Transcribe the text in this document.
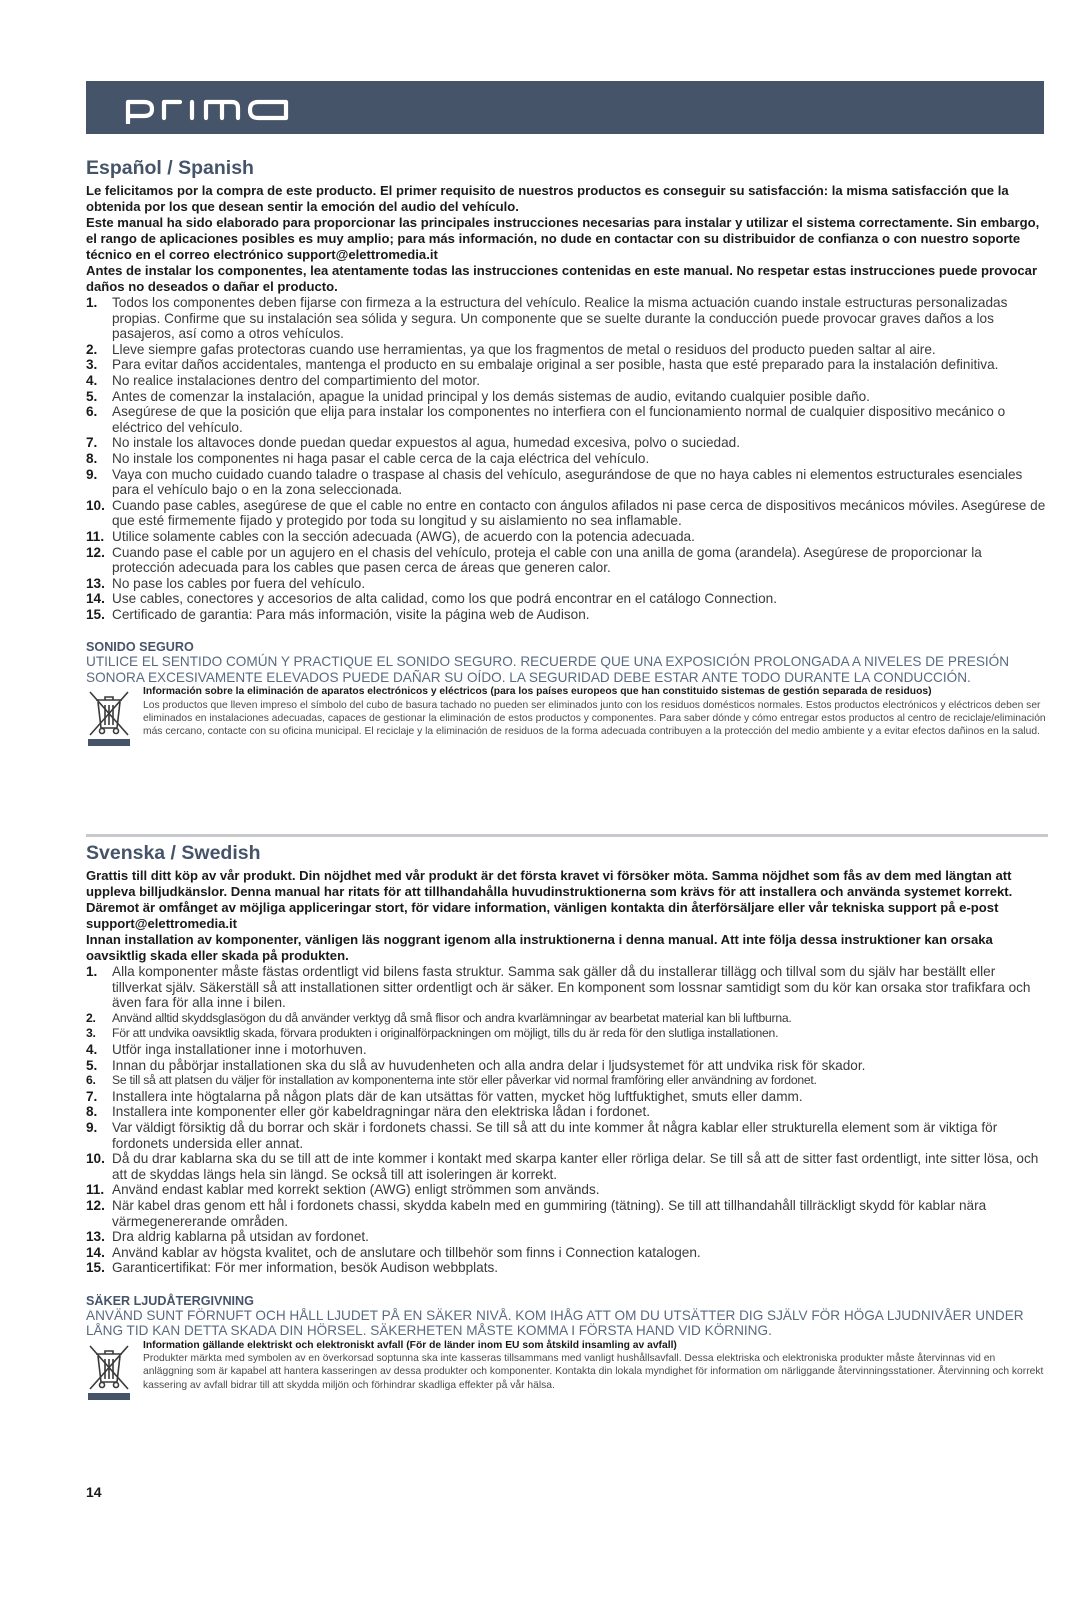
Español / Spanish

Le felicitamos por la compra de este producto. El primer requisito de nuestros productos es conseguir su satisfacción: la misma satisfacción que la obtenida por los que desean sentir la emoción del audio del vehículo.

Este manual ha sido elaborado para proporcionar las principales instrucciones necesarias para instalar y utilizar el sistema correctamente. Sin embargo, el rango de aplicaciones posibles es muy amplio; para más información, no dude en contactar con su distribuidor de confianza o con nuestro soporte técnico en el correo electrónico support@elettromedia.it

Antes de instalar los componentes, lea atentamente todas las instrucciones contenidas en este manual. No respetar estas instrucciones puede provocar daños no deseados o dañar el producto.

1. Todos los componentes deben fijarse con firmeza a la estructura del vehículo. Realice la misma actuación cuando instale estructuras personalizadas propias. Confirme que su instalación sea sólida y segura. Un componente que se suelte durante la conducción puede provocar graves daños a los pasajeros, así como a otros vehículos.
2. Lleve siempre gafas protectoras cuando use herramientas, ya que los fragmentos de metal o residuos del producto pueden saltar al aire.
3. Para evitar daños accidentales, mantenga el producto en su embalaje original a ser posible, hasta que esté preparado para la instalación definitiva.
4. No realice instalaciones dentro del compartimiento del motor.
5. Antes de comenzar la instalación, apague la unidad principal y los demás sistemas de audio, evitando cualquier posible daño.
6. Asegúrese de que la posición que elija para instalar los componentes no interfiera con el funcionamiento normal de cualquier dispositivo mecánico o eléctrico del vehículo.
7. No instale los altavoces donde puedan quedar expuestos al agua, humedad excesiva, polvo o suciedad.
8. No instale los componentes ni haga pasar el cable cerca de la caja eléctrica del vehículo.
9. Vaya con mucho cuidado cuando taladre o traspase al chasis del vehículo, asegurándose de que no haya cables ni elementos estructurales esenciales para el vehículo bajo o en la zona seleccionada.
10. Cuando pase cables, asegúrese de que el cable no entre en contacto con ángulos afilados ni pase cerca de dispositivos mecánicos móviles. Asegúrese de que esté firmemente fijado y protegido por toda su longitud y su aislamiento no sea inflamable.
11. Utilice solamente cables con la sección adecuada (AWG), de acuerdo con la potencia adecuada.
12. Cuando pase el cable por un agujero en el chasis del vehículo, proteja el cable con una anilla de goma (arandela). Asegúrese de proporcionar la protección adecuada para los cables que pasen cerca de áreas que generen calor.
13. No pase los cables por fuera del vehículo.
14. Use cables, conectores y accesorios de alta calidad, como los que podrá encontrar en el catálogo Connection.
15. Certificado de garantia: Para más información, visite la página web de Audison.
SONIDO SEGURO
UTILICE EL SENTIDO COMÚN Y PRACTIQUE EL SONIDO SEGURO. RECUERDE QUE UNA EXPOSICIÓN PROLONGADA A NIVELES DE PRESIÓN SONORA EXCESIVAMENTE ELEVADOS PUEDE DAÑAR SU OÍDO. LA SEGURIDAD DEBE ESTAR ANTE TODO DURANTE LA CONDUCCIÓN.
Información sobre la eliminación de aparatos electrónicos y eléctricos (para los países europeos que han constituido sistemas de gestión separada de residuos)
Los productos que lleven impreso el símbolo del cubo de basura tachado no pueden ser eliminados junto con los residuos domésticos normales. Estos productos electrónicos y eléctricos deben ser eliminados en instalaciones adecuadas, capaces de gestionar la eliminación de estos productos y componentes. Para saber dónde y cómo entregar estos productos al centro de reciclaje/eliminación más cercano, contacte con su oficina municipal. El reciclaje y la eliminación de residuos de la forma adecuada contribuyen a la protección del medio ambiente y a evitar efectos dañinos en la salud.
Svenska / Swedish

Grattis till ditt köp av vår produkt. Din nöjdhet med vår produkt är det första kravet vi försöker möta. Samma nöjdhet som fås av dem med längtan att uppleva billjudkänslor. Denna manual har ritats för att tillhandahålla huvudinstruktionerna som krävs för att installera och använda systemet korrekt. Däremot är omfånget av möjliga appliceringar stort, för vidare information, vänligen kontakta din återförsäljare eller vår tekniska support på e-post support@elettromedia.it

Innan installation av komponenter, vänligen läs noggrant igenom alla instruktionerna i denna manual. Att inte följa dessa instruktioner kan orsaka oavsiktlig skada eller skada på produkten.

1. Alla komponenter måste fästas ordentligt vid bilens fasta struktur. Samma sak gäller då du installerar tillägg och tillval som du själv har beställt eller tillverkat själv. Säkerställ så att installationen sitter ordentligt och är säker. En komponent som lossnar samtidigt som du kör kan orsaka stor trafikfara och även fara för alla inne i bilen.
2. Använd alltid skyddsglasögon du då använder verktyg då små flisor och andra kvarlämningar av bearbetat material kan bli luftburna.
3. För att undvika oavsiktlig skada, förvara produkten i originalförpackningen om möjligt, tills du är reda för den slutliga installationen.
4. Utför inga installationer inne i motorhuven.
5. Innan du påbörjar installationen ska du slå av huvudenheten och alla andra delar i ljudsystemet för att undvika risk för skador.
6. Se till så att platsen du väljer för installation av komponenterna inte stör eller påverkar vid normal framföring eller användning av fordonet.
7. Installera inte högtalarna på någon plats där de kan utsättas för vatten, mycket hög luftfuktighet, smuts eller damm.
8. Installera inte komponenter eller gör kabeldragningar nära den elektriska lådan i fordonet.
9. Var väldigt försiktig då du borrar och skär i fordonets chassi. Se till så att du inte kommer åt några kablar eller strukturella element som är viktiga för fordonets undersida eller annat.
10. Då du drar kablarna ska du se till att de inte kommer i kontakt med skarpa kanter eller rörliga delar. Se till så att de sitter fast ordentligt, inte sitter lösa, och att de skyddas längs hela sin längd. Se också till att isoleringen är korrekt.
11. Använd endast kablar med korrekt sektion (AWG) enligt strömmen som används.
12. När kabel dras genom ett hål i fordonets chassi, skydda kabeln med en gummiring (tätning). Se till att tillhandahåll tillräckligt skydd för kablar nära värmegenererande områden.
13. Dra aldrig kablarna på utsidan av fordonet.
14. Använd kablar av högsta kvalitet, och de anslutare och tillbehör som finns i Connection katalogen.
15. Garanticertifikat: För mer information, besök Audison webbplats.
SÄKER LJUDÅTERGIVNING
ANVÄND SUNT FÖRNUFT OCH HÅLL LJUDET PÅ EN SÄKER NIVÅ. KOM IHÅG ATT OM DU UTSÄTTER DIG SJÄLV FÖR HÖGA LJUDNIVÅER UNDER LÅNG TID KAN DETTA SKADA DIN HÖRSEL. SÄKERHETEN MÅSTE KOMMA I FÖRSTA HAND VID KÖRNING.
Information gällande elektriskt och elektroniskt avfall (För de länder inom EU som åtskild insamling av avfall)
Produkter märkta med symbolen av en överkorsad soptunna ska inte kasseras tillsammans med vanligt hushållsavfall. Dessa elektriska och elektroniska produkter måste återvinnas vid en anläggning som är kapabel att hantera kasseringen av dessa produkter och komponenter. Kontakta din lokala myndighet för information om närliggande återvinningsstationer. Återvinning och korrekt kassering av avfall bidrar till att skydda miljön och förhindrar skadliga effekter på vår hälsa.
14
